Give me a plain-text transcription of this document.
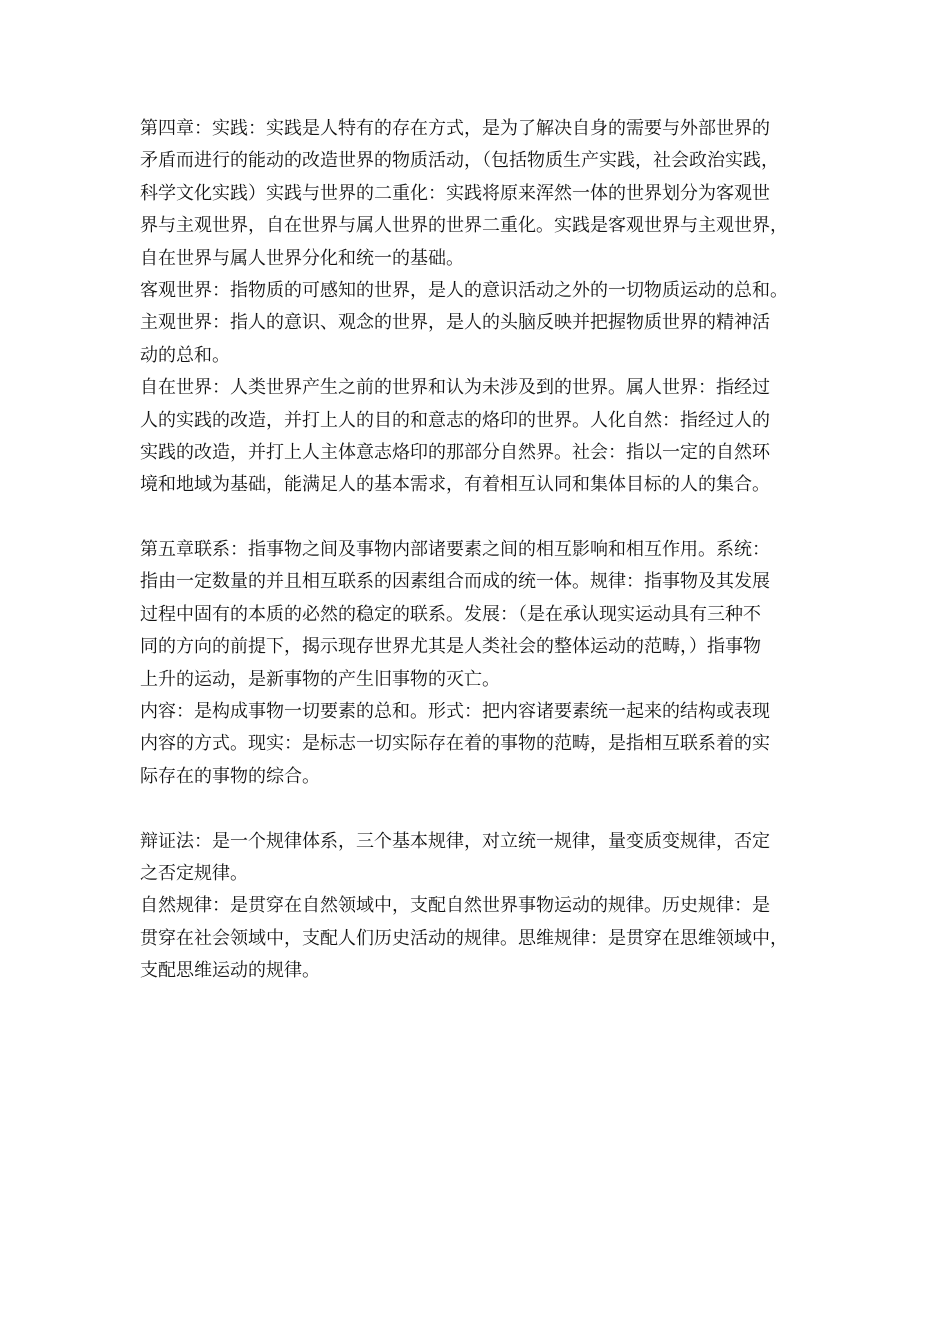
第四章：实践：实践是人特有的存在方式，是为了解决自身的需要与外部世界的
矛盾而进行的能动的改造世界的物质活动，（包括物质生产实践，社会政治实践，
科学文化实践）实践与世界的二重化：实践将原来浑然一体的世界划分为客观世
界与主观世界，自在世界与属人世界的世界二重化。实践是客观世界与主观世界，
自在世界与属人世界分化和统一的基础。
客观世界：指物质的可感知的世界，是人的意识活动之外的一切物质运动的总和。
主观世界：指人的意识、观念的世界，是人的头脑反映并把握物质世界的精神活
动的总和。
自在世界：人类世界产生之前的世界和认为未涉及到的世界。属人世界：指经过
人的实践的改造，并打上人的目的和意志的烙印的世界。人化自然：指经过人的
实践的改造，并打上人主体意志烙印的那部分自然界。社会：指以一定的自然环
境和地域为基础，能满足人的基本需求，有着相互认同和集体目标的人的集合。
第五章联系：指事物之间及事物内部诸要素之间的相互影响和相互作用。系统：
指由一定数量的并且相互联系的因素组合而成的统一体。规律：指事物及其发展
过程中固有的本质的必然的稳定的联系。发展：（是在承认现实运动具有三种不
同的方向的前提下，揭示现存世界尤其是人类社会的整体运动的范畴，）指事物
上升的运动，是新事物的产生旧事物的灭亡。
内容：是构成事物一切要素的总和。形式：把内容诸要素统一起来的结构或表现
内容的方式。现实：是标志一切实际存在着的事物的范畴，是指相互联系着的实
际存在的事物的综合。
辩证法：是一个规律体系，三个基本规律，对立统一规律，量变质变规律，否定
之否定规律。
自然规律：是贯穿在自然领域中，支配自然世界事物运动的规律。历史规律：是
贯穿在社会领域中，支配人们历史活动的规律。思维规律：是贯穿在思维领域中，
支配思维运动的规律。
